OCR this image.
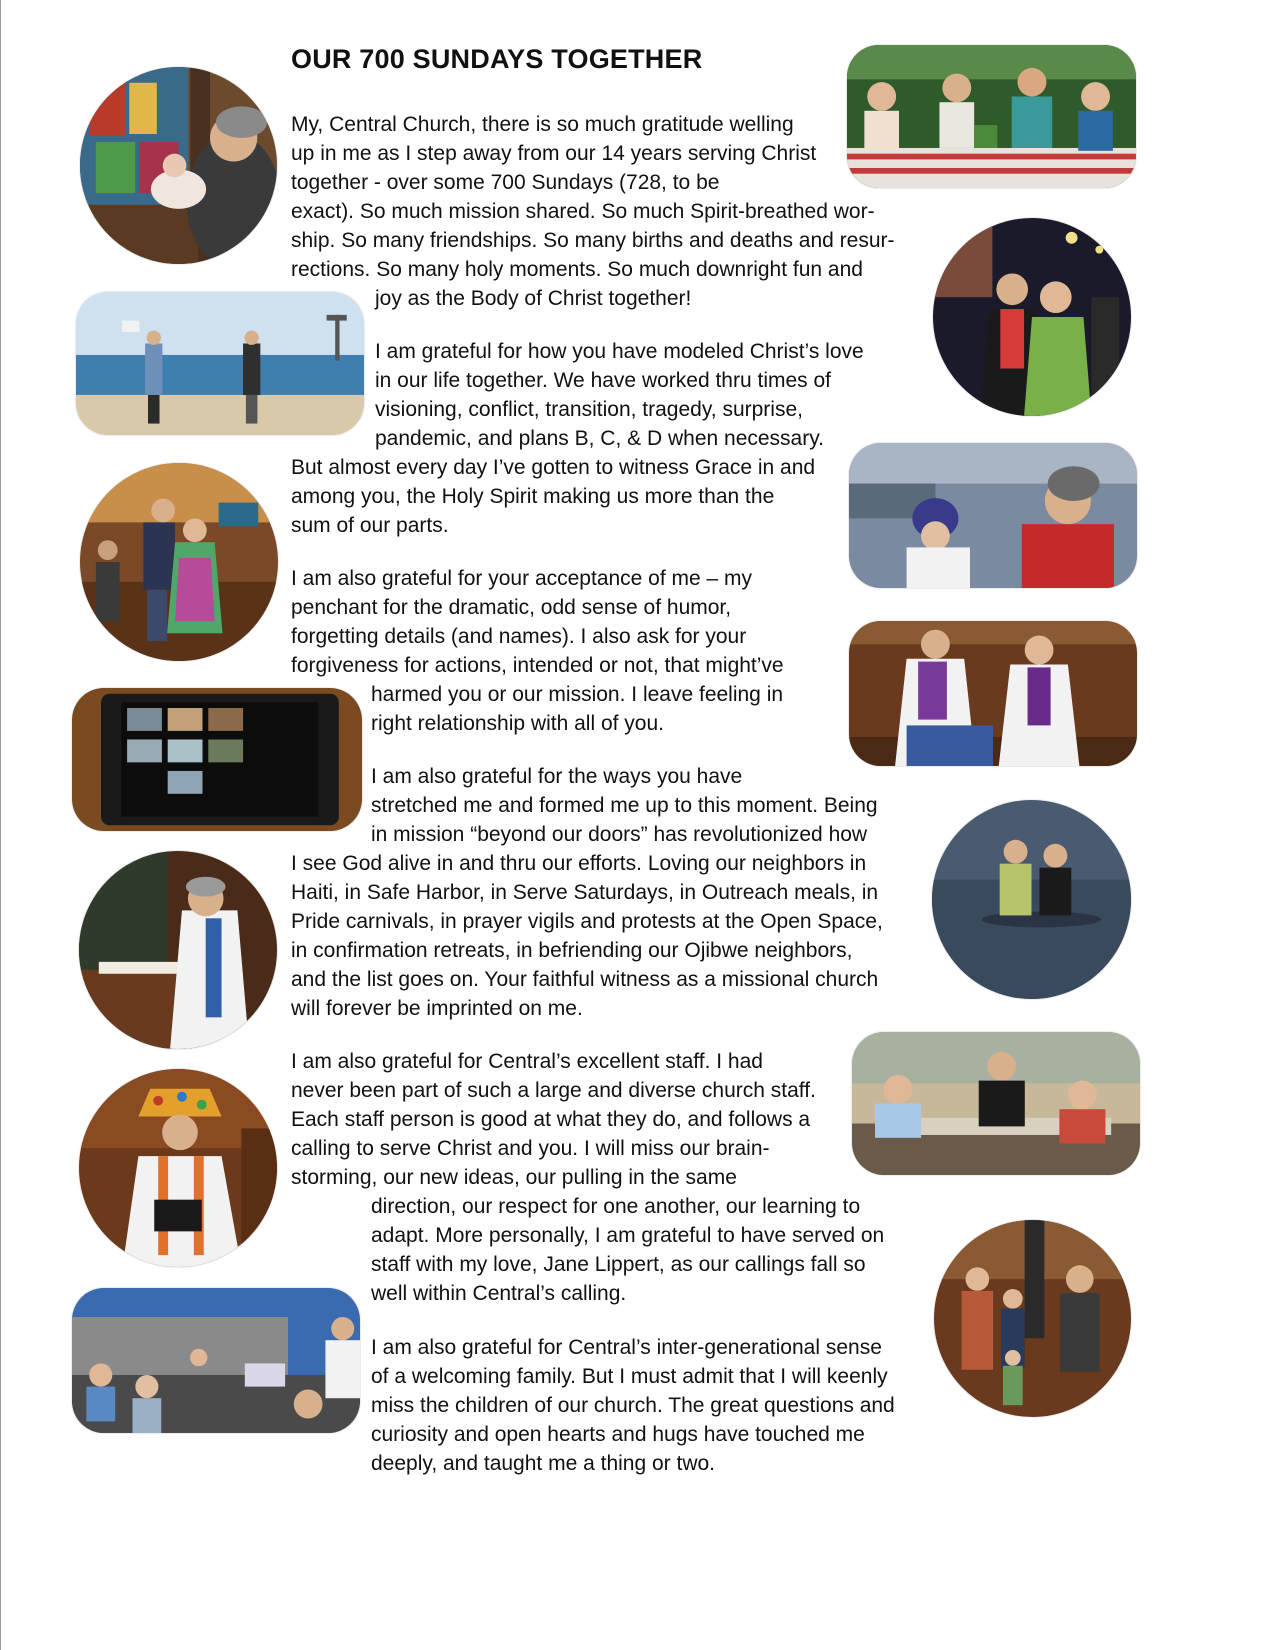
OUR 700 SUNDAYS TOGETHER

My, Central Church, there is so much gratitude welling

up in me as I step away from our 14 years serving Christ

together - over some 700 Sundays (728, to be

exact). So much mission shared. So much Spirit-breathed wor-

ship. So many friendships. So many births and deaths and resur-

rections. So many holy moments. So much downright fun and

joy as the Body of Christ together!

I am grateful for how you have modeled Christ’s love

in our life together. We have worked thru times of

visioning, conflict, transition, tragedy, surprise,

pandemic, and plans B, C, & D when necessary.

But almost every day I’ve gotten to witness Grace in and

among you, the Holy Spirit making us more than the

sum of our parts.

I am also grateful for your acceptance of me – my

penchant for the dramatic, odd sense of humor,

forgetting details (and names). I also ask for your

forgiveness for actions, intended or not, that might’ve

harmed you or our mission. I leave feeling in

right relationship with all of you.

I am also grateful for the ways you have

stretched me and formed me up to this moment. Being

in mission “beyond our doors” has revolutionized how

I see God alive in and thru our efforts. Loving our neighbors in

Haiti, in Safe Harbor, in Serve Saturdays, in Outreach meals, in

Pride carnivals, in prayer vigils and protests at the Open Space,

in confirmation retreats, in befriending our Ojibwe neighbors,

and the list goes on. Your faithful witness as a missional church

will forever be imprinted on me.

I am also grateful for Central’s excellent staff. I had

never been part of such a large and diverse church staff.

Each staff person is good at what they do, and follows a

calling to serve Christ and you. I will miss our brain-

storming, our new ideas, our pulling in the same

direction, our respect for one another, our learning to

adapt. More personally, I am grateful to have served on

staff with my love, Jane Lippert, as our callings fall so

well within Central’s calling.

I am also grateful for Central’s inter-generational sense

of a welcoming family. But I must admit that I will keenly

miss the children of our church. The great questions and

curiosity and open hearts and hugs have touched me

deeply, and taught me a thing or two.
